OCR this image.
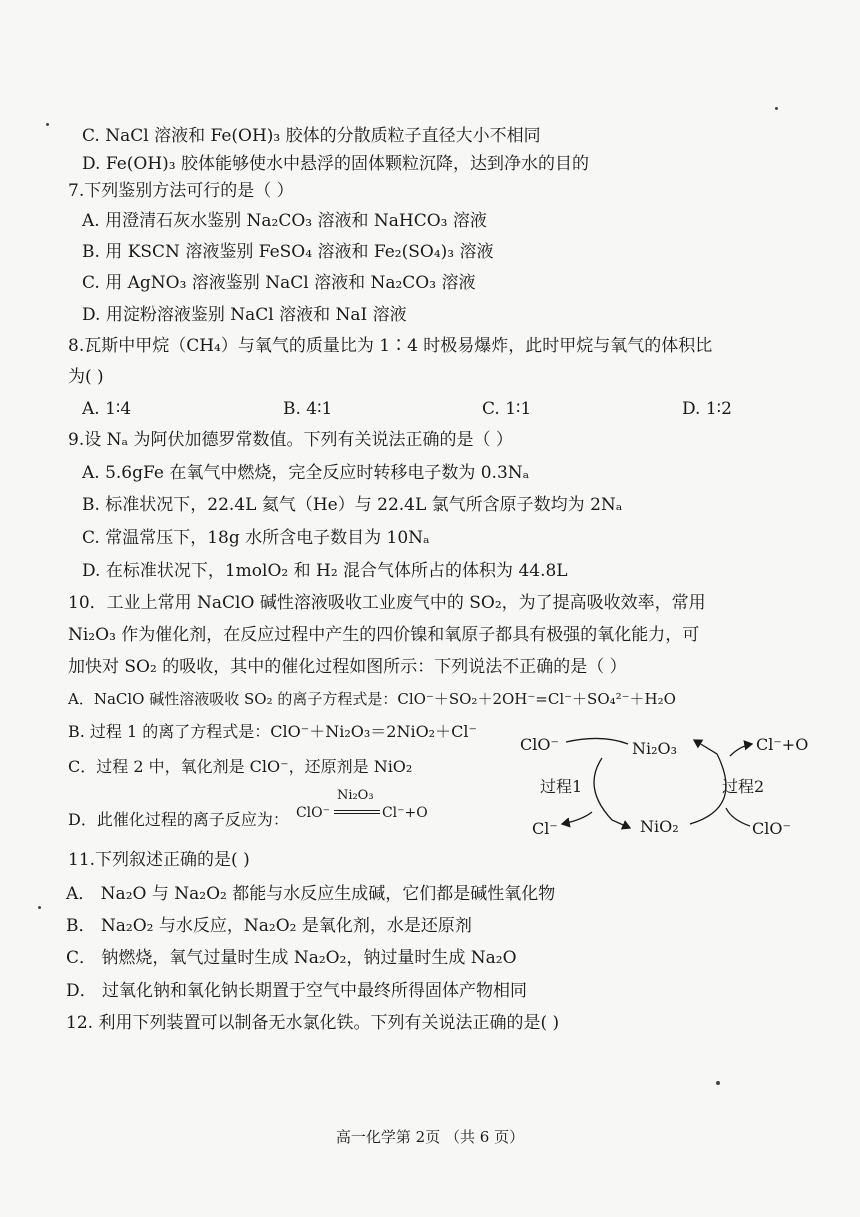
C. NaCl 溶液和 Fe(OH)₃ 胶体的分散质粒子直径大小不相同
D. Fe(OH)₃ 胶体能够使水中悬浮的固体颗粒沉降，达到净水的目的
7.下列鉴别方法可行的是（ ）
A. 用澄清石灰水鉴别 Na₂CO₃ 溶液和 NaHCO₃ 溶液
B. 用 KSCN 溶液鉴别 FeSO₄ 溶液和 Fe₂(SO₄)₃ 溶液
C. 用 AgNO₃ 溶液鉴别 NaCl 溶液和 Na₂CO₃ 溶液
D. 用淀粉溶液鉴别 NaCl 溶液和 NaI 溶液
8.瓦斯中甲烷（CH₄）与氧气的质量比为 1∶4 时极易爆炸，此时甲烷与氧气的体积比
为( )
A. 1∶4	B. 4∶1	C. 1∶1	D. 1∶2
9.设 Nₐ 为阿伏加德罗常数值。下列有关说法正确的是（ ）
A. 5.6gFe 在氧气中燃烧，完全反应时转移电子数为 0.3Nₐ
B. 标准状况下，22.4L 氦气（He）与 22.4L 氯气所含原子数均为 2Nₐ
C. 常温常压下，18g 水所含电子数目为 10Nₐ
D. 在标准状况下，1molO₂ 和 H₂ 混合气体所占的体积为 44.8L
10．工业上常用 NaClO 碱性溶液吸收工业废气中的 SO₂，为了提高吸收效率，常用
Ni₂O₃ 作为催化剂，在反应过程中产生的四价镍和氧原子都具有极强的氧化能力，可
加快对 SO₂ 的吸收，其中的催化过程如图所示：下列说法不正确的是（ ）
A．NaClO 碱性溶液吸收 SO₂ 的离子方程式是：ClO⁻＋SO₂＋2OH⁻=Cl⁻＋SO₄²⁻＋H₂O
B. 过程 1 的离了方程式是：ClO⁻＋Ni₂O₃＝2NiO₂＋Cl⁻
C．过程 2 中，氧化剂是 ClO⁻，还原剂是 NiO₂
D．此催化过程的离子反应为： ClO⁻
Ni₂O₃
Cl⁻+O
ClO⁻	Ni₂O₃	Cl⁻+O
过程1	过程2
Cl⁻	NiO₂	ClO⁻
11.下列叙述正确的是( )
A． Na₂O 与 Na₂O₂ 都能与水反应生成碱，它们都是碱性氧化物
B． Na₂O₂ 与水反应，Na₂O₂ 是氧化剂，水是还原剂
C． 钠燃烧，氧气过量时生成 Na₂O₂，钠过量时生成 Na₂O
D． 过氧化钠和氧化钠长期置于空气中最终所得固体产物相同
12. 利用下列装置可以制备无水氯化铁。下列有关说法正确的是( )
高一化学第 2页 （共 6 页）
